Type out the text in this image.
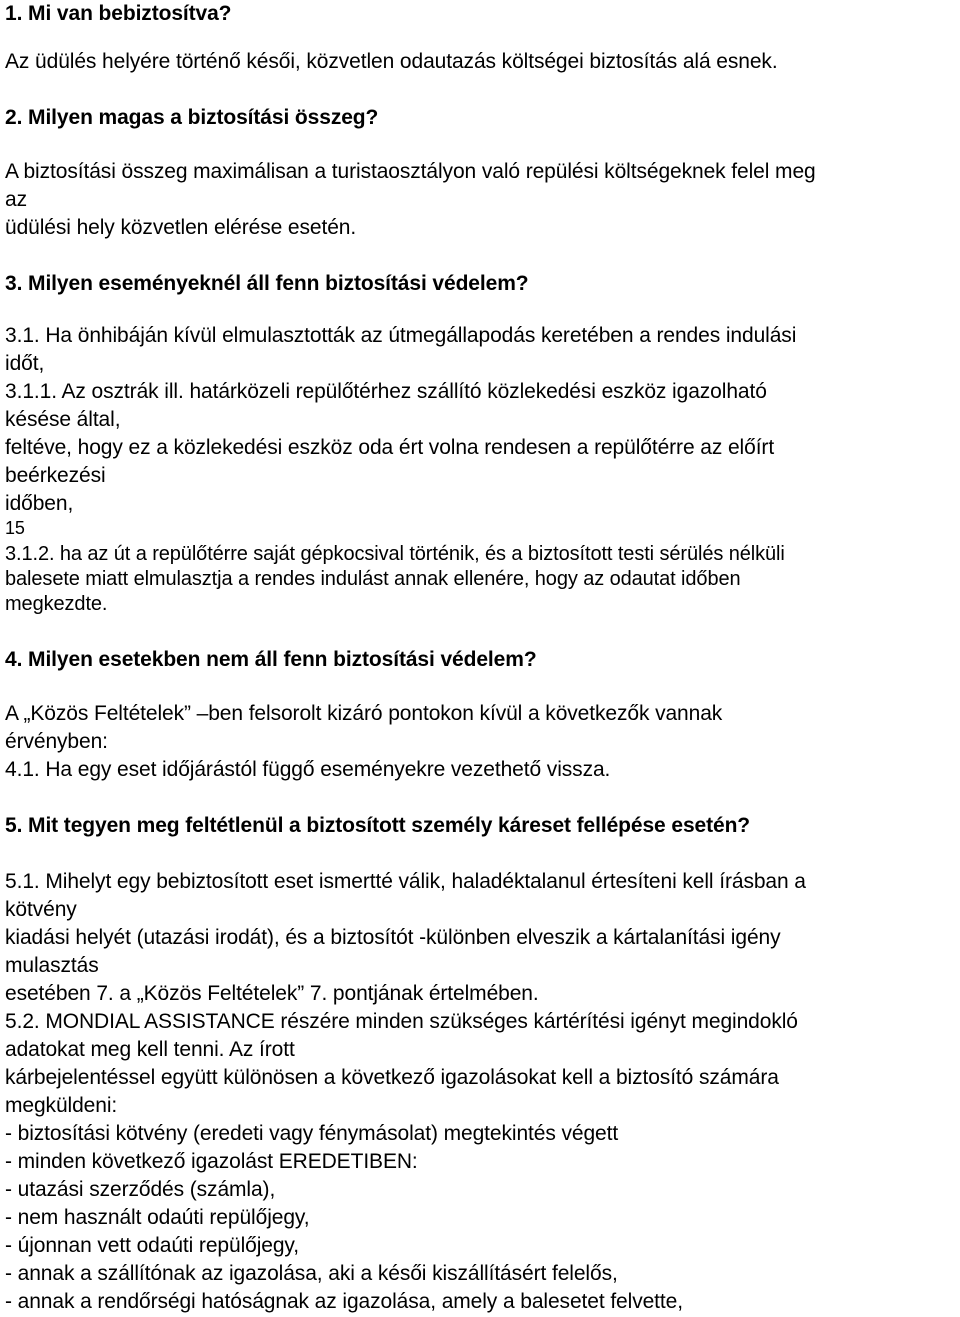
1. Mi van bebiztosítva?
Az üdülés helyére történő késői, közvetlen odautazás költségei biztosítás alá esnek.
2. Milyen magas a biztosítási összeg?
A biztosítási összeg maximálisan a turistaosztályon való repülési költségeknek felel meg
az
üdülési hely közvetlen elérése esetén.
3. Milyen eseményeknél áll fenn biztosítási védelem?
3.1. Ha önhibáján kívül elmulasztották az útmegállapodás keretében a rendes indulási
időt,
3.1.1. Az osztrák ill. határközeli repülőtérhez szállító közlekedési eszköz igazolható
késése által,
feltéve, hogy ez a közlekedési eszköz oda ért volna rendesen a repülőtérre az előírt
beérkezési
időben,
15
3.1.2. ha az út a repülőtérre saját gépkocsival történik, és a biztosított testi sérülés nélküli
balesete miatt elmulasztja a rendes indulást annak ellenére, hogy az odautat időben
megkezdte.
4. Milyen esetekben nem áll fenn biztosítási védelem?
A „Közös Feltételek” –ben felsorolt kizáró pontokon kívül a következők vannak
érvényben:
4.1. Ha egy eset időjárástól függő eseményekre vezethető vissza.
5. Mit tegyen meg feltétlenül a biztosított személy káreset fellépése esetén?
5.1. Mihelyt egy bebiztosított eset ismertté válik, haladéktalanul értesíteni kell írásban a
kötvény
kiadási helyét (utazási irodát), és a biztosítót -különben elveszik a kártalanítási igény
mulasztás
esetében 7. a „Közös Feltételek” 7. pontjának értelmében.
5.2. MONDIAL ASSISTANCE részére minden szükséges kártérítési igényt megindokló
adatokat meg kell tenni. Az írott
kárbejelentéssel együtt különösen a következő igazolásokat kell a biztosító számára
megküldeni:
- biztosítási kötvény (eredeti vagy fénymásolat) megtekintés végett
- minden következő igazolást EREDETIBEN:
- utazási szerződés (számla),
- nem használt odaúti repülőjegy,
- újonnan vett odaúti repülőjegy,
- annak a szállítónak az igazolása, aki a késői kiszállításért felelős,
- annak a rendőrségi hatóságnak az igazolása, amely a balesetet felvette,
